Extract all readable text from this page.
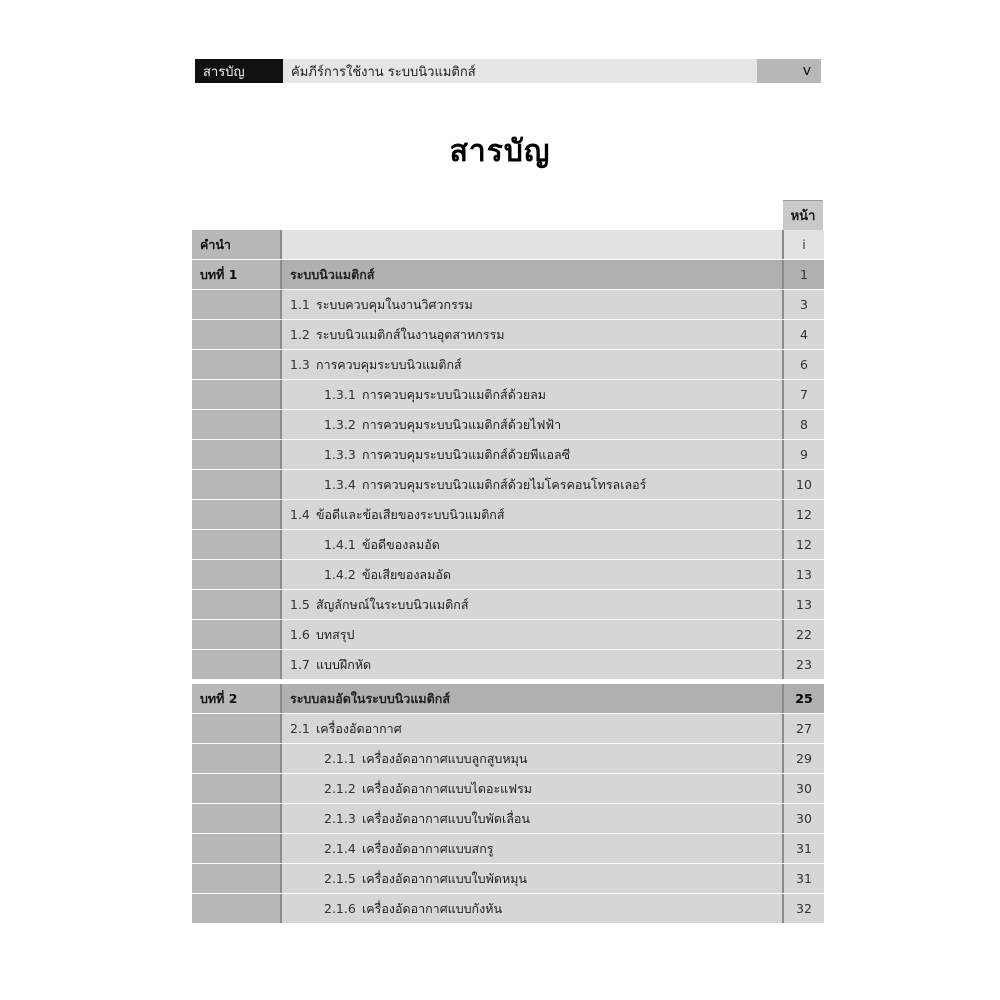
สารบัญ	คัมภีร์การใช้งาน ระบบนิวแมติกส์	v
สารบัญ
หน้า
คำนำ	i
บทที่ 1	ระบบนิวแมติกส์	1
1.1 ระบบควบคุมในงานวิศวกรรม	3
1.2 ระบบนิวแมติกส์ในงานอุตสาหกรรม	4
1.3 การควบคุมระบบนิวแมติกส์	6
1.3.1 การควบคุมระบบนิวแมติกส์ด้วยลม	7
1.3.2 การควบคุมระบบนิวแมติกส์ด้วยไฟฟ้า	8
1.3.3 การควบคุมระบบนิวแมติกส์ด้วยพีแอลซี	9
1.3.4 การควบคุมระบบนิวแมติกส์ด้วยไมโครคอนโทรลเลอร์	10
1.4 ข้อดีและข้อเสียของระบบนิวแมติกส์	12
1.4.1 ข้อดีของลมอัด	12
1.4.2 ข้อเสียของลมอัด	13
1.5 สัญลักษณ์ในระบบนิวแมติกส์	13
1.6 บทสรุป	22
1.7 แบบฝึกหัด	23
บทที่ 2	ระบบลมอัดในระบบนิวแมติกส์	25
2.1 เครื่องอัดอากาศ	27
2.1.1 เครื่องอัดอากาศแบบลูกสูบหมุน	29
2.1.2 เครื่องอัดอากาศแบบไดอะแฟรม	30
2.1.3 เครื่องอัดอากาศแบบใบพัดเลื่อน	30
2.1.4 เครื่องอัดอากาศแบบสกรู	31
2.1.5 เครื่องอัดอากาศแบบใบพัดหมุน	31
2.1.6 เครื่องอัดอากาศแบบกังหัน	32
